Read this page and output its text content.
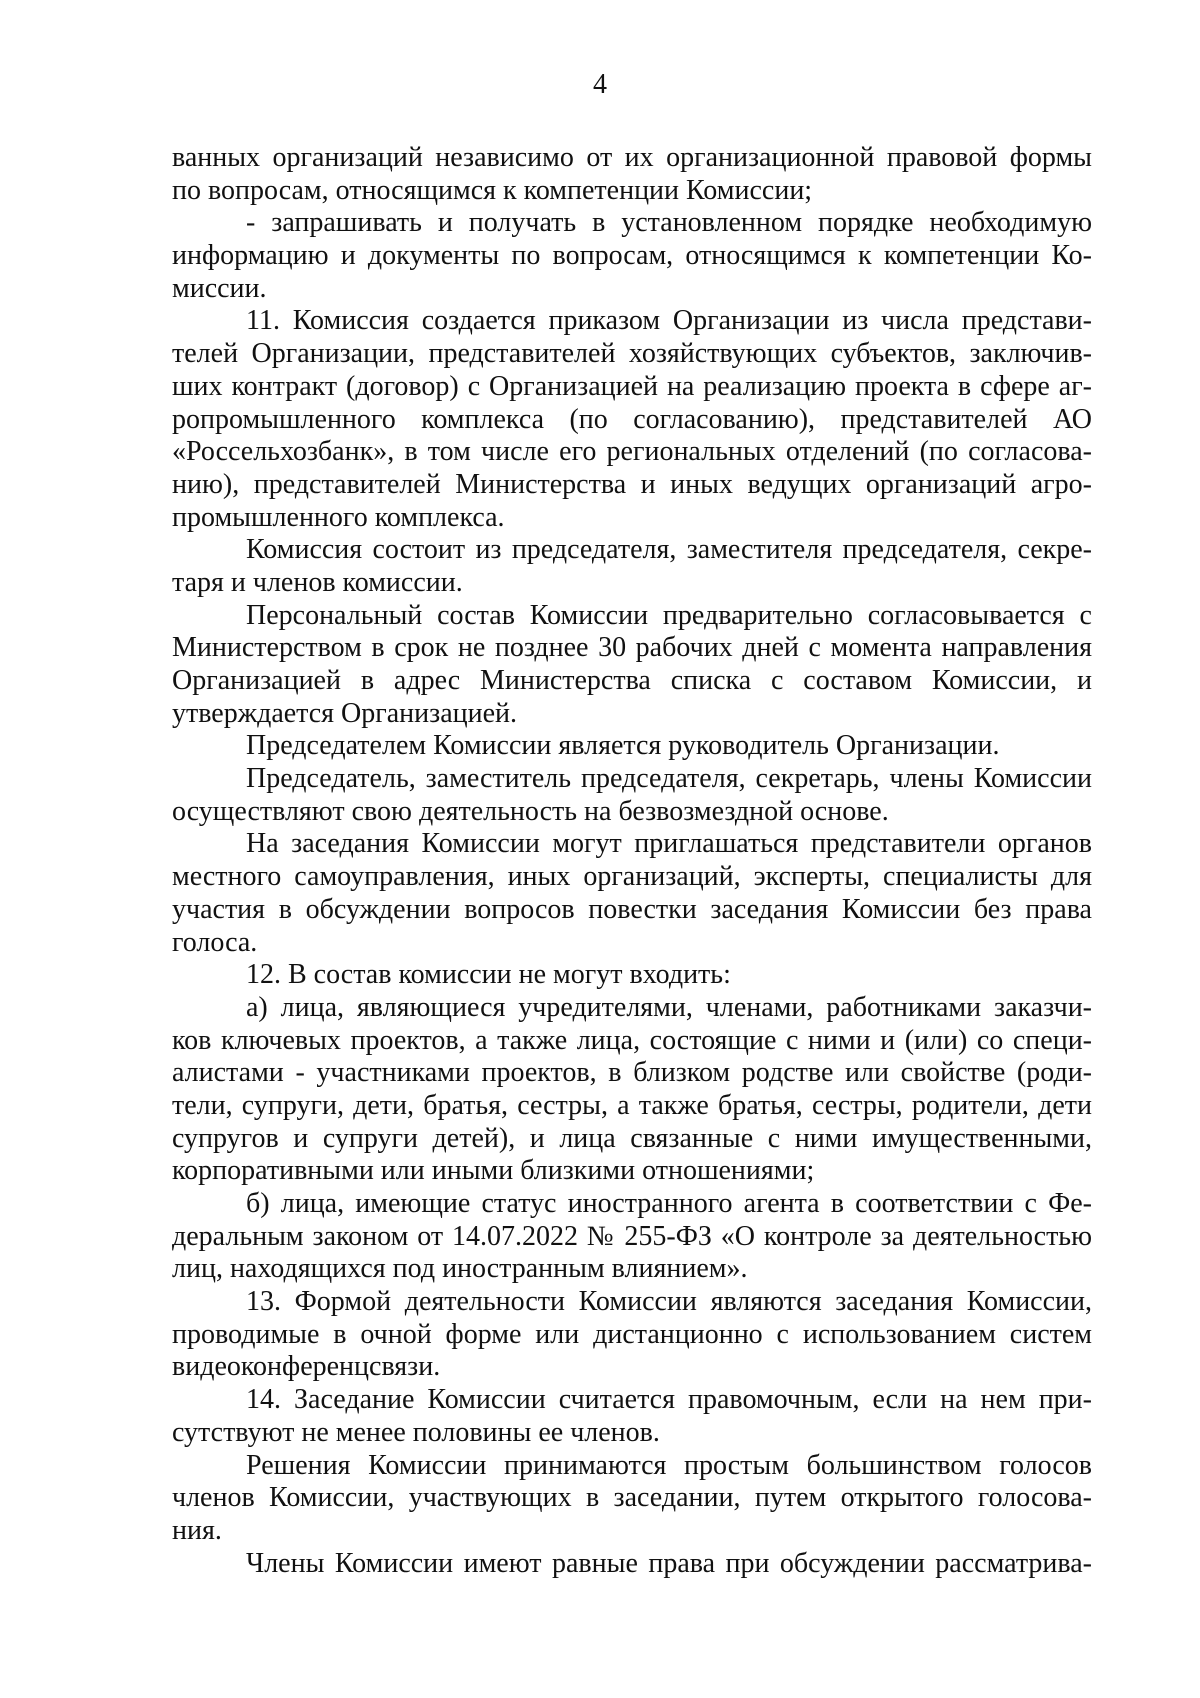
4
ванных организаций независимо от их организационной правовой формы
по вопросам, относящимся к компетенции Комиссии;
- запрашивать и получать в установленном порядке необходимую
информацию и документы по вопросам, относящимся к компетенции Ко-
миссии.
11. Комиссия создается приказом Организации из числа представи-
телей Организации, представителей хозяйствующих субъектов, заключив-
ших контракт (договор) с Организацией на реализацию проекта в сфере аг-
ропромышленного комплекса (по согласованию), представителей АО
«Россельхозбанк», в том числе его региональных отделений (по согласова-
нию), представителей Министерства и иных ведущих организаций агро-
промышленного комплекса.
Комиссия состоит из председателя, заместителя председателя, секре-
таря и членов комиссии.
Персональный состав Комиссии предварительно согласовывается с
Министерством в срок не позднее 30 рабочих дней с момента направления
Организацией в адрес Министерства списка с составом Комиссии, и
утверждается Организацией.
Председателем Комиссии является руководитель Организации.
Председатель, заместитель председателя, секретарь, члены Комиссии
осуществляют свою деятельность на безвозмездной основе.
На заседания Комиссии могут приглашаться представители органов
местного самоуправления, иных организаций, эксперты, специалисты для
участия в обсуждении вопросов повестки заседания Комиссии без права
голоса.
12. В состав комиссии не могут входить:
а) лица, являющиеся учредителями, членами, работниками заказчи-
ков ключевых проектов, а также лица, состоящие с ними и (или) со специ-
алистами - участниками проектов, в близком родстве или свойстве (роди-
тели, супруги, дети, братья, сестры, а также братья, сестры, родители, дети
супругов и супруги детей), и лица связанные с ними имущественными,
корпоративными или иными близкими отношениями;
б) лица, имеющие статус иностранного агента в соответствии с Фе-
деральным законом от 14.07.2022 № 255-ФЗ «О контроле за деятельностью
лиц, находящихся под иностранным влиянием».
13. Формой деятельности Комиссии являются заседания Комиссии,
проводимые в очной форме или дистанционно с использованием систем
видеоконференцсвязи.
14. Заседание Комиссии считается правомочным, если на нем при-
сутствуют не менее половины ее членов.
Решения Комиссии принимаются простым большинством голосов
членов Комиссии, участвующих в заседании, путем открытого голосова-
ния.
Члены Комиссии имеют равные права при обсуждении рассматрива-
